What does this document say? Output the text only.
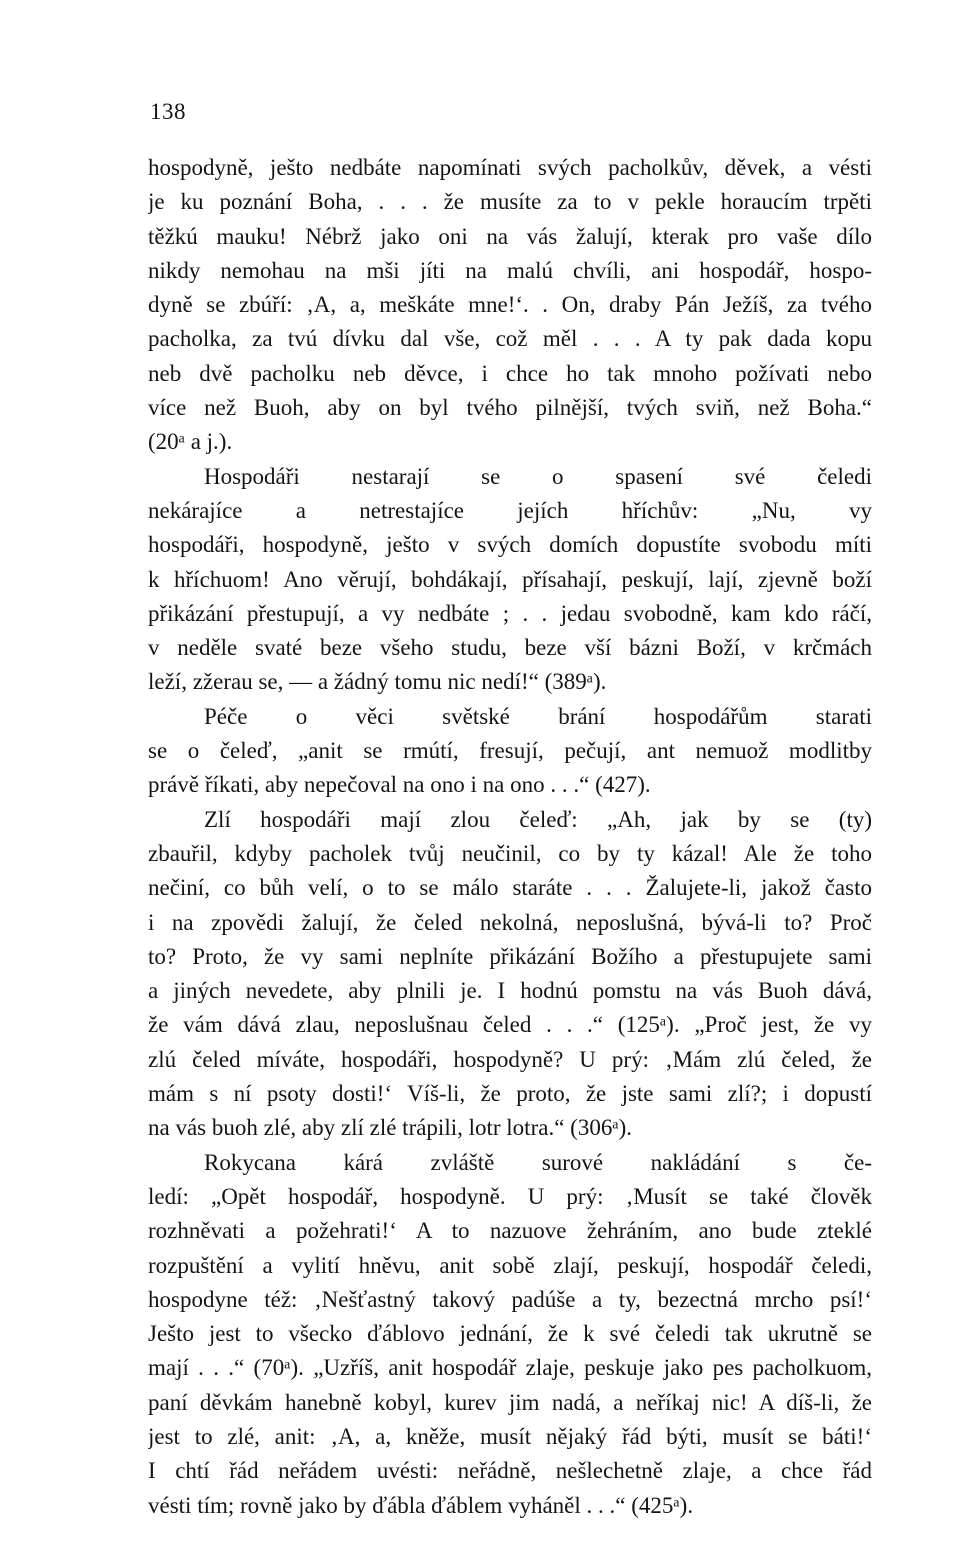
138
hospodyně, ješto nedbáte napomínati svých pacholkův, děvek, a vésti
je ku poznání Boha, . . . že musíte za to v pekle horaucím trpěti
těžkú mauku! Nébrž jako oni na vás žalují, kterak pro vaše dílo
nikdy nemohau na mši jíti na malú chvíli, ani hospodář, hospo-
dyně se zbúří: ‚A, a, meškáte mne!‘. . On, draby Pán Ježíš, za tvého
pacholka, za tvú dívku dal vše, což měl . . . A ty pak dada kopu
neb dvě pacholku neb děvce, i chce ho tak mnoho požívati nebo
více než Buoh, aby on byl tvého pilnější, tvých sviň, než Boha.“
(20ᵃ a j.).
Hospodáři nestarají se o spasení své čeledi
nekárajíce a netrestajíce jejích hříchův: „Nu, vy
hospodáři, hospodyně, ješto v svých domích dopustíte svobodu míti
k hříchuom! Ano věrují, bohdákají, přísahají, peskují, lají, zjevně boží
přikázání přestupují, a vy nedbáte ; . . jedau svobodně, kam kdo ráčí,
v neděle svaté beze všeho studu, beze vší bázni Boží, v krčmách
leží, zžerau se, — a žádný tomu nic nedí!“ (389ᵃ).
Péče o věci světské brání hospodářům starati
se o čeleď, „anit se rmútí, fresují, pečují, ant nemuož modlitby
právě říkati, aby nepečoval na ono i na ono . . .“ (427).
Zlí hospodáři mají zlou čeleď: „Ah, jak by se (ty)
zbauřil, kdyby pacholek tvůj neučinil, co by ty kázal! Ale že toho
nečiní, co bůh velí, o to se málo staráte . . . Žalujete-li, jakož často
i na zpovědi žalují, že čeled nekolná, neposlušná, bývá-li to? Proč
to? Proto, že vy sami neplníte přikázání Božího a přestupujete sami
a jiných nevedete, aby plnili je. I hodnú pomstu na vás Buoh dává,
že vám dává zlau, neposlušnau čeled . . .“ (125ᵃ). „Proč jest, že vy
zlú čeled míváte, hospodáři, hospodyně? U prý: ‚Mám zlú čeled, že
mám s ní psoty dosti!‘ Víš-li, že proto, že jste sami zlí?; i dopustí
na vás buoh zlé, aby zlí zlé trápili, lotr lotra.“ (306ᵃ).
Rokycana kárá zvláště surové nakládání s če-
ledí: „Opět hospodář, hospodyně. U prý: ‚Musít se také člověk
rozhněvati a požehrati!‘ A to nazuove žehráním, ano bude zteklé
rozpuštění a vylití hněvu, anit sobě zlají, peskují, hospodář čeledi,
hospodyne též: ‚Nešťastný takový padúše a ty, bezectná mrcho psí!‘
Ješto jest to všecko ďáblovo jednání, že k své čeledi tak ukrutně se
mají . . .“ (70ᵃ). „Uzříš, anit hospodář zlaje, peskuje jako pes pacholkuom,
paní děvkám hanebně kobyl, kurev jim nadá, a neříkaj nic! A díš-li, že
jest to zlé, anit: ‚A, a, kněže, musít nějaký řád býti, musít se báti!‘
I chtí řád neřádem uvésti: neřádně, nešlechetně zlaje, a chce řád
vésti tím; rovně jako by ďábla ďáblem vyháněl . . .“ (425ᵃ).
